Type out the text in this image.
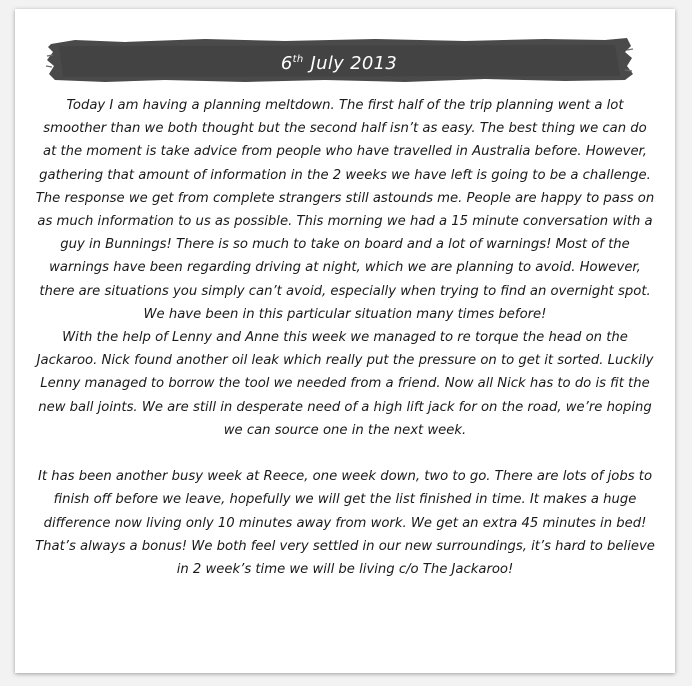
6th July 2013

Today I am having a planning meltdown. The first half of the trip planning went a lot smoother than we both thought but the second half isn’t as easy. The best thing we can do at the moment is take advice from people who have travelled in Australia before. However, gathering that amount of information in the 2 weeks we have left is going to be a challenge. The response we get from complete strangers still astounds me. People are happy to pass on as much information to us as possible. This morning we had a 15 minute conversation with a guy in Bunnings! There is so much to take on board and a lot of warnings! Most of the warnings have been regarding driving at night, which we are planning to avoid. However, there are situations you simply can’t avoid, especially when trying to find an overnight spot. We have been in this particular situation many times before!

With the help of Lenny and Anne this week we managed to re torque the head on the Jackaroo. Nick found another oil leak which really put the pressure on to get it sorted. Luckily Lenny managed to borrow the tool we needed from a friend. Now all Nick has to do is fit the new ball joints. We are still in desperate need of a high lift jack for on the road, we’re hoping we can source one in the next week.

It has been another busy week at Reece, one week down, two to go. There are lots of jobs to finish off before we leave, hopefully we will get the list finished in time. It makes a huge difference now living only 10 minutes away from work. We get an extra 45 minutes in bed! That’s always a bonus! We both feel very settled in our new surroundings, it’s hard to believe in 2 week’s time we will be living c/o The Jackaroo!
